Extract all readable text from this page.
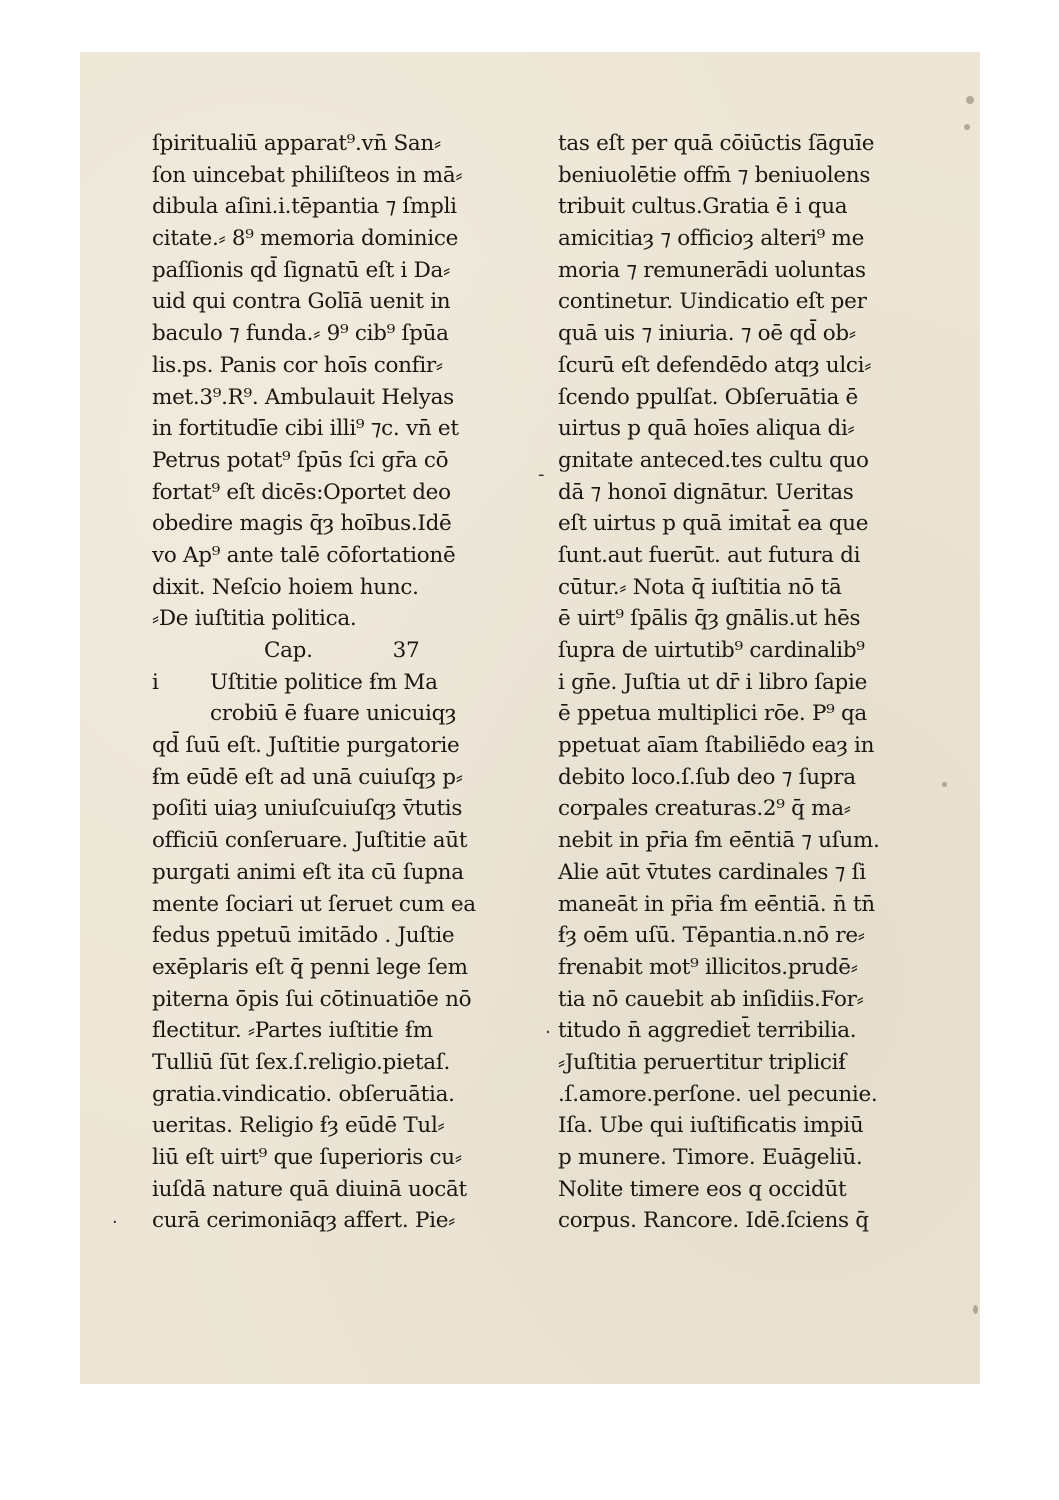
ſpiritualiū apparat⁹.vn̄ San⸗
ſon uincebat philiſteos in mā⸗
dibula aſini.i.tēpantia ⁊ ſmpli
citate.⸗ 8⁹ memoria dominice
paſſionis qd̄ ſignatū eſt i Da⸗
uid qui contra Golīā uenit in
baculo ⁊ funda.⸗ 9⁹ cib⁹ ſpūa
lis.ps. Panis cor hoīs confir⸗
met.3⁹.R⁹. Ambulauit Helyas
in fortitudīe cibi illi⁹ ⁊c. vn̄ et
Petrus potat⁹ ſpūs ſci gr̄a cō
fortat⁹ eſt dicēs:Oportet deo
obedire magis q̄ȝ hoībus.Idē
vo Ap⁹ ante talē cōfortationē
dixit. Neſcio hoiem hunc.
⸗De iuſtitia politica.
Cap.	37
i	Uſtitie politice ẜm Ma
crobiū ē ẜuare unicuiqȝ
qd̄ ſuū eſt. Juſtitie purgatorie
ẜm eūdē eſt ad unā cuiuſqȝ p⸗
poſiti uiaȝ uniuſcuiuſqȝ v̄tutis
officiū conſeruare. Juſtitie aūt
purgati animi eſt ita cū ſupna
mente ſociari ut ſeruet cum ea
fedus ppetuū imitādo . Juſtie
exēplaris eſt q̄ penni lege ſem
piterna ōpis ſui cōtinuatiōe nō
flectitur. ⸗Partes iuſtitie ẜm
Tulliū ſūt ſex.ſ.religio.pietaſ.
gratia.vindicatio. obſeruātia.
ueritas. Religio ẜȝ eūdē Tul⸗
liū eſt uirt⁹ que ſuperioris cu⸗
iuſdā nature quā diuinā uocāt
curā cerimoniāqȝ affert. Pie⸗
tas eſt per quā cōiūctis ſāguīe
beniuolētie offm̄ ⁊ beniuolens
tribuit cultus.Gratia ē i qua
amicitiaȝ ⁊ officioȝ alteri⁹ me
moria ⁊ remunerādi uoluntas
continetur. Uindicatio eſt per
quā uis ⁊ iniuria. ⁊ oē qd̄ ob⸗
ſcurū eſt defendēdo atqȝ ulci⸗
ſcendo ppulſat. Obſeruātia ē
uirtus p quā hoīes aliqua di⸗
gnitate anteced.tes cultu quo
dā ⁊ honoī dignātur. Ueritas
eſt uirtus p quā imitat̄ ea que
ſunt.aut fuerūt. aut futura di
cūtur.⸗ Nota q̄ iuſtitia nō tā
ē uirt⁹ ſpālis q̄ȝ gnālis.ut hēs
ſupra de uirtutib⁹ cardinalib⁹
i gn̄e. Juſtia ut dr̄ i libro ſapie
ē ppetua multiplici rōe. P⁹ qa
ppetuat aīam ſtabiliēdo eaȝ in
debito loco.ſ.ſub deo ⁊ ſupra
corpales creaturas.2⁹ q̄ ma⸗
nebit in pr̄ia ẜm eēntiā ⁊ uſum.
Alie aūt v̄tutes cardinales ⁊ ſi
maneāt in pr̄ia ẜm eēntiā. n̄ tn̄
ẜȝ oēm uſū. Tēpantia.n.nō re⸗
frenabit mot⁹ illicitos.prudē⸗
tia nō cauebit ab inſidiis.For⸗
titudo n̄ aggrediet̄ terribilia.
⸗Juſtitia peruertitur tripliciẜ
.ſ.amore.perſone. uel pecunie.
Iſa. Ube qui iuſtificatis impiū
p munere. Timore. Euāgeliū.
Nolite timere eos q occidūt
corpus. Rancore. Idē.ſciens q̄
-
·
·
